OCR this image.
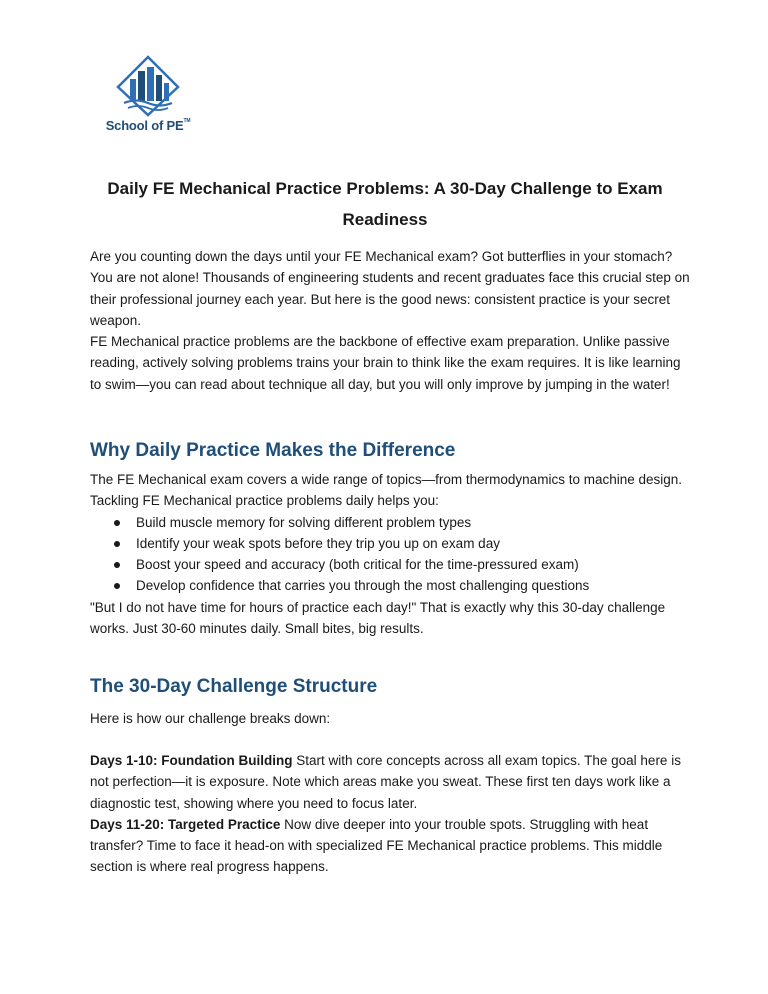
School of PE™
Daily FE Mechanical Practice Problems: A 30-Day Challenge to Exam Readiness

Are you counting down the days until your FE Mechanical exam? Got butterflies in your stomach? You are not alone! Thousands of engineering students and recent graduates face this crucial step on their professional journey each year. But here is the good news: consistent practice is your secret weapon.

FE Mechanical practice problems are the backbone of effective exam preparation. Unlike passive reading, actively solving problems trains your brain to think like the exam requires. It is like learning to swim—you can read about technique all day, but you will only improve by jumping in the water!

Why Daily Practice Makes the Difference

The FE Mechanical exam covers a wide range of topics—from thermodynamics to machine design. Tackling FE Mechanical practice problems daily helps you:

Build muscle memory for solving different problem types
Identify your weak spots before they trip you up on exam day
Boost your speed and accuracy (both critical for the time-pressured exam)
Develop confidence that carries you through the most challenging questions

"But I do not have time for hours of practice each day!" That is exactly why this 30-day challenge works. Just 30-60 minutes daily. Small bites, big results.

The 30-Day Challenge Structure
Here is how our challenge breaks down:

Days 1-10: Foundation Building Start with core concepts across all exam topics. The goal here is not perfection—it is exposure. Note which areas make you sweat. These first ten days work like a diagnostic test, showing where you need to focus later.

Days 11-20: Targeted Practice Now dive deeper into your trouble spots. Struggling with heat transfer? Time to face it head-on with specialized FE Mechanical practice problems. This middle section is where real progress happens.
